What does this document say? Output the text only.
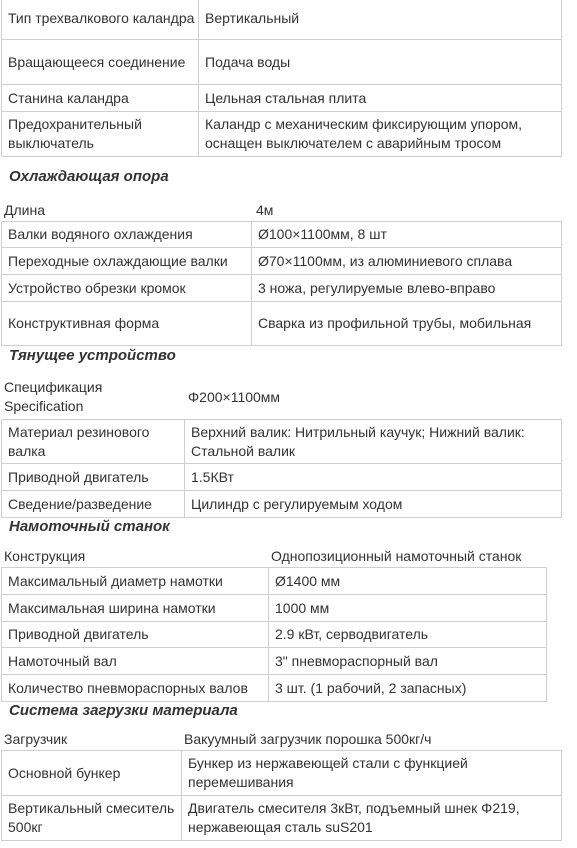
Тип трехвалкового каландра	Вертикальный
Вращающееся соединение	Подача воды
Станина каландра	Цельная стальная плита
Предохранительный выключатель	Каландр с механическим фиксирующим упором, оснащен выключателем с аварийным тросом
Охлаждающая опора
Длина	4м
Валки водяного охлаждения	Ø100×1100мм, 8 шт
Переходные охлаждающие валки	Ø70×1100мм, из алюминиевого сплава
Устройство обрезки кромок	3 ножа, регулируемые влево-вправо
Конструктивная форма	Сварка из профильной трубы, мобильная
Тянущее устройство
Спецификация Specification	Φ200×1100мм
Материал резинового валка	Верхний валик: Нитрильный каучук; Нижний валик: Стальной валик
Приводной двигатель	1.5КВт
Сведение/разведение	Цилиндр с регулируемым ходом
Намоточный станок
Конструкция	Однопозиционный намоточный станок
Максимальный диаметр намотки	Ø1400 мм
Максимальная ширина намотки	1000 мм
Приводной двигатель	2.9 кВт, серводвигатель
Намоточный вал	3" пневмораспорный вал
Количество пневмораспорных валов	3 шт. (1 рабочий, 2 запасных)
Система загрузки материала
Загрузчик	Вакуумный загрузчик порошка 500кг/ч
Основной бункер	Бункер из нержавеющей стали с функцией перемешивания
Вертикальный смеситель 500кг	Двигатель смесителя 3кВт, подъемный шнек Φ219, нержавеющая сталь suS201
